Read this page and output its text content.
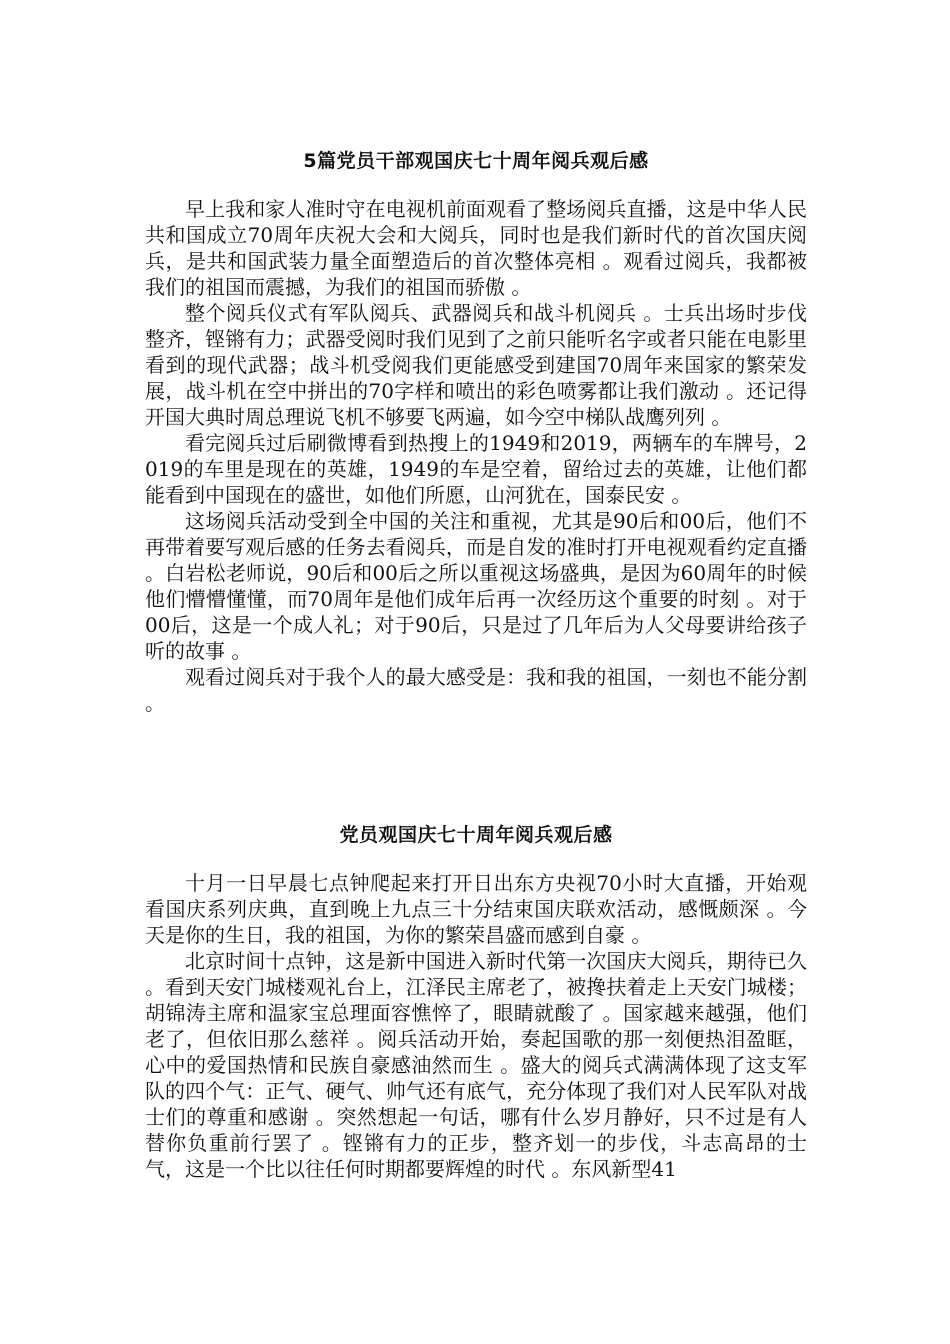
5篇党员干部观国庆七十周年阅兵观后感

早上我和家人准时守在电视机前面观看了整场阅兵直播，这是中华人民共和国成立70周年庆祝大会和大阅兵，同时也是我们新时代的首次国庆阅兵，是共和国武装力量全面塑造后的首次整体亮相 。观看过阅兵，我都被我们的祖国而震撼，为我们的祖国而骄傲 。

整个阅兵仪式有军队阅兵、武器阅兵和战斗机阅兵 。士兵出场时步伐整齐，铿锵有力；武器受阅时我们见到了之前只能听名字或者只能在电影里看到的现代武器；战斗机受阅我们更能感受到建国70周年来国家的繁荣发展，战斗机在空中拼出的70字样和喷出的彩色喷雾都让我们激动 。还记得开国大典时周总理说飞机不够要飞两遍，如今空中梯队战鹰列列 。

看完阅兵过后刷微博看到热搜上的1949和2019，两辆车的车牌号，2019的车里是现在的英雄，1949的车是空着，留给过去的英雄，让他们都能看到中国现在的盛世，如他们所愿，山河犹在，国泰民安 。

这场阅兵活动受到全中国的关注和重视，尤其是90后和00后，他们不再带着要写观后感的任务去看阅兵，而是自发的准时打开电视观看约定直播 。白岩松老师说，90后和00后之所以重视这场盛典，是因为60周年的时候他们懵懵懂懂，而70周年是他们成年后再一次经历这个重要的时刻 。对于00后，这是一个成人礼；对于90后，只是过了几年后为人父母要讲给孩子听的故事 。

观看过阅兵对于我个人的最大感受是：我和我的祖国，一刻也不能分割 。

党员观国庆七十周年阅兵观后感

十月一日早晨七点钟爬起来打开日出东方央视70小时大直播，开始观看国庆系列庆典，直到晚上九点三十分结束国庆联欢活动，感慨颇深 。今天是你的生日，我的祖国，为你的繁荣昌盛而感到自豪 。

北京时间十点钟，这是新中国进入新时代第一次国庆大阅兵，期待已久 。看到天安门城楼观礼台上，江泽民主席老了，被搀扶着走上天安门城楼；胡锦涛主席和温家宝总理面容憔悴了，眼睛就酸了 。国家越来越强，他们老了，但依旧那么慈祥 。阅兵活动开始，奏起国歌的那一刻便热泪盈眶，心中的爱国热情和民族自豪感油然而生 。盛大的阅兵式满满体现了这支军队的四个气：正气、硬气、帅气还有底气，充分体现了我们对人民军队对战士们的尊重和感谢 。突然想起一句话，哪有什么岁月静好，只不过是有人替你负重前行罢了 。铿锵有力的正步，整齐划一的步伐，斗志高昂的士气，这是一个比以往任何时期都要辉煌的时代 。东风新型41
